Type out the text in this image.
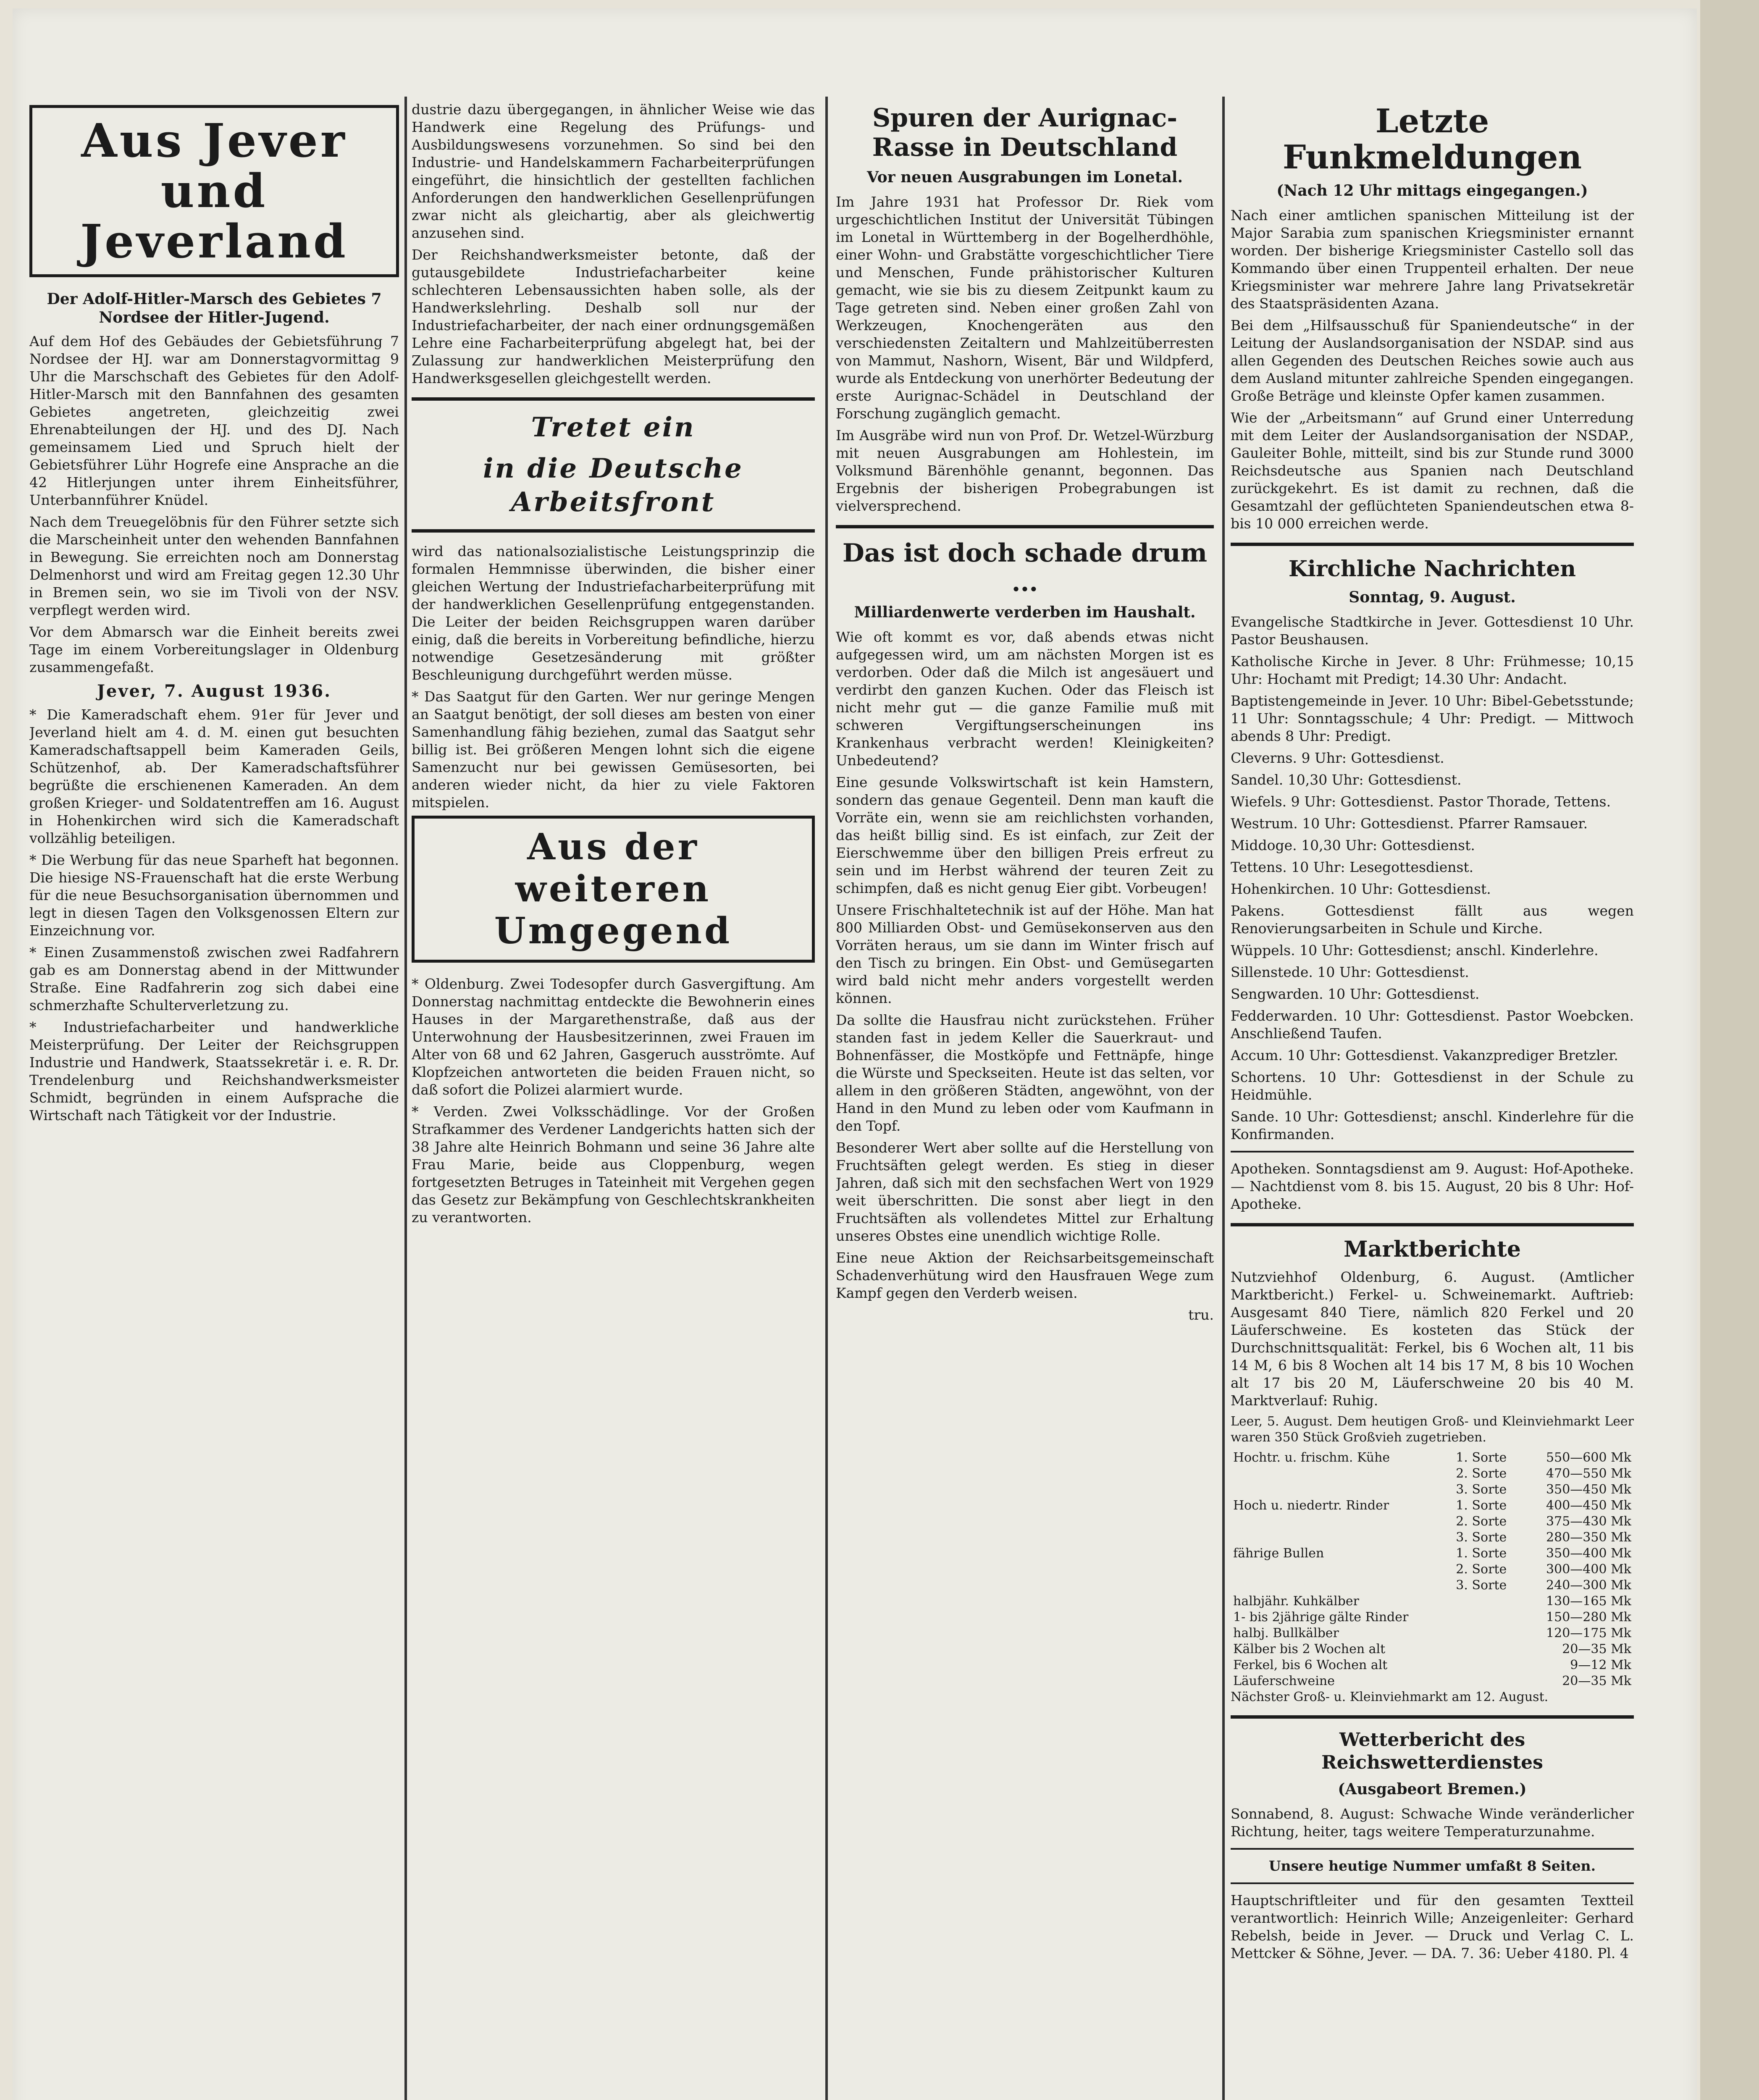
Aus Jever und Jeverland
Der Adolf-Hitler-Marsch des Gebietes 7 Nordsee der Hitler-Jugend.

Auf dem Hof des Gebäudes der Gebietsführung 7 Nordsee der HJ. war am Donnerstagvormittag 9 Uhr die Marschschaft des Gebietes für den Adolf-Hitler-Marsch mit den Bannfahnen des gesamten Gebietes angetreten, gleichzeitig zwei Ehrenabteilungen der HJ. und des DJ. Nach gemeinsamem Lied und Spruch hielt der Gebietsführer Lühr Hogrefe eine Ansprache an die 42 Hitlerjungen unter ihrem Einheitsführer, Unterbannführer Knüdel.

Nach dem Treuegelöbnis für den Führer setzte sich die Marscheinheit unter den wehenden Bannfahnen in Bewegung. Sie erreichten noch am Donnerstag Delmenhorst und wird am Freitag gegen 12.30 Uhr in Bremen sein, wo sie im Tivoli von der NSV. verpflegt werden wird.

Vor dem Abmarsch war die Einheit bereits zwei Tage im einem Vorbereitungslager in Oldenburg zusammengefaßt.

Jever, 7. August 1936.

* Die Kameradschaft ehem. 91er für Jever und Jeverland hielt am 4. d. M. einen gut besuchten Kameradschaftsappell beim Kameraden Geils, Schützenhof, ab. Der Kameradschaftsführer begrüßte die erschienenen Kameraden. An dem großen Krieger- und Soldatentreffen am 16. August in Hohenkirchen wird sich die Kameradschaft vollzählig beteiligen.

* Die Werbung für das neue Sparheft hat begonnen. Die hiesige NS-Frauenschaft hat die erste Werbung für die neue Besuchsorganisation übernommen und legt in diesen Tagen den Volksgenossen Eltern zur Einzeichnung vor.

* Einen Zusammenstoß zwischen zwei Radfahrern gab es am Donnerstag abend in der Mittwunder Straße. Eine Radfahrerin zog sich dabei eine schmerzhafte Schulterverletzung zu.

* Industriefacharbeiter und handwerkliche Meisterprüfung. Der Leiter der Reichsgruppen Industrie und Handwerk, Staatssekretär i. e. R. Dr. Trendelenburg und Reichshandwerksmeister Schmidt, begründen in einem Aufsprache die Wirtschaft nach Tätigkeit vor der Industrie.

dustrie dazu übergegangen, in ähnlicher Weise wie das Handwerk eine Regelung des Prüfungs- und Ausbildungswesens vorzunehmen. So sind bei den Industrie- und Handelskammern Facharbeiterprüfungen eingeführt, die hinsichtlich der gestellten fachlichen Anforderungen den handwerklichen Gesellenprüfungen zwar nicht als gleichartig, aber als gleichwertig anzusehen sind.

Der Reichshandwerksmeister betonte, daß der gutausgebildete Industriefacharbeiter keine schlechteren Lebensaussichten haben solle, als der Handwerkslehrling. Deshalb soll nur der Industriefacharbeiter, der nach einer ordnungsgemäßen Lehre eine Facharbeiterprüfung abgelegt hat, bei der Zulassung zur handwerklichen Meisterprüfung den Handwerksgesellen gleichgestellt werden.

Tretet ein
in die Deutsche Arbeitsfront

wird das nationalsozialistische Leistungsprinzip die formalen Hemmnisse überwinden, die bisher einer gleichen Wertung der Industriefacharbeiterprüfung mit der handwerklichen Gesellenprüfung entgegenstanden. Die Leiter der beiden Reichsgruppen waren darüber einig, daß die bereits in Vorbereitung befindliche, hierzu notwendige Gesetzesänderung mit größter Beschleunigung durchgeführt werden müsse.

* Das Saatgut für den Garten. Wer nur geringe Mengen an Saatgut benötigt, der soll dieses am besten von einer Samenhandlung fähig beziehen, zumal das Saatgut sehr billig ist. Bei größeren Mengen lohnt sich die eigene Samenzucht nur bei gewissen Gemüsesorten, bei anderen wieder nicht, da hier zu viele Faktoren mitspielen.

Aus der weiteren Umgegend

* Oldenburg. Zwei Todesopfer durch Gasvergiftung. Am Donnerstag nachmittag entdeckte die Bewohnerin eines Hauses in der Margarethenstraße, daß aus der Unterwohnung der Hausbesitzerinnen, zwei Frauen im Alter von 68 und 62 Jahren, Gasgeruch ausströmte. Auf Klopfzeichen antworteten die beiden Frauen nicht, so daß sofort die Polizei alarmiert wurde.

* Verden. Zwei Volksschädlinge. Vor der Großen Strafkammer des Verdener Landgerichts hatten sich der 38 Jahre alte Heinrich Bohmann und seine 36 Jahre alte Frau Marie, beide aus Cloppenburg, wegen fortgesetzten Betruges in Tateinheit mit Vergehen gegen das Gesetz zur Bekämpfung von Geschlechtskrankheiten zu verantworten.

Spuren der Aurignac-Rasse in Deutschland
Vor neuen Ausgrabungen im Lonetal.

Im Jahre 1931 hat Professor Dr. Riek vom urgeschichtlichen Institut der Universität Tübingen im Lonetal in Württemberg in der Bogelherdhöhle, einer Wohn- und Grabstätte vorgeschichtlicher Tiere und Menschen, Funde prähistorischer Kulturen gemacht, wie sie bis zu diesem Zeitpunkt kaum zu Tage getreten sind. Neben einer großen Zahl von Werkzeugen, Knochengeräten aus den verschiedensten Zeitaltern und Mahlzeitüberresten von Mammut, Nashorn, Wisent, Bär und Wildpferd, wurde als Entdeckung von unerhörter Bedeutung der erste Aurignac-Schädel in Deutschland der Forschung zugänglich gemacht.

Im Ausgräbe wird nun von Prof. Dr. Wetzel-Würzburg mit neuen Ausgrabungen am Hohlestein, im Volksmund Bärenhöhle genannt, begonnen. Das Ergebnis der bisherigen Probegrabungen ist vielversprechend.

Das ist doch schade drum ...
Milliardenwerte verderben im Haushalt.

Wie oft kommt es vor, daß abends etwas nicht aufgegessen wird, um am nächsten Morgen ist es verdorben. Oder daß die Milch ist angesäuert und verdirbt den ganzen Kuchen. Oder das Fleisch ist nicht mehr gut — die ganze Familie muß mit schweren Vergiftungserscheinungen ins Krankenhaus verbracht werden! Kleinigkeiten? Unbedeutend?

Eine gesunde Volkswirtschaft ist kein Hamstern, sondern das genaue Gegenteil. Denn man kauft die Vorräte ein, wenn sie am reichlichsten vorhanden, das heißt billig sind. Es ist einfach, zur Zeit der Eierschwemme über den billigen Preis erfreut zu sein und im Herbst während der teuren Zeit zu schimpfen, daß es nicht genug Eier gibt. Vorbeugen!

Unsere Frischhaltetechnik ist auf der Höhe. Man hat 800 Milliarden Obst- und Gemüsekonserven aus den Vorräten heraus, um sie dann im Winter frisch auf den Tisch zu bringen. Ein Obst- und Gemüsegarten wird bald nicht mehr anders vorgestellt werden können.

Da sollte die Hausfrau nicht zurückstehen. Früher standen fast in jedem Keller die Sauerkraut- und Bohnenfässer, die Mostköpfe und Fettnäpfe, hinge die Würste und Speckseiten. Heute ist das selten, vor allem in den größeren Städten, angewöhnt, von der Hand in den Mund zu leben oder vom Kaufmann in den Topf.

Besonderer Wert aber sollte auf die Herstellung von Fruchtsäften gelegt werden. Es stieg in dieser Jahren, daß sich mit den sechsfachen Wert von 1929 weit überschritten. Die sonst aber liegt in den Fruchtsäften als vollendetes Mittel zur Erhaltung unseres Obstes eine unendlich wichtige Rolle.

Eine neue Aktion der Reichsarbeitsgemeinschaft Schadenverhütung wird den Hausfrauen Wege zum Kampf gegen den Verderb weisen.

tru.

Letzte Funkmeldungen
(Nach 12 Uhr mittags eingegangen.)

Nach einer amtlichen spanischen Mitteilung ist der Major Sarabia zum spanischen Kriegsminister ernannt worden. Der bisherige Kriegsminister Castello soll das Kommando über einen Truppenteil erhalten. Der neue Kriegsminister war mehrere Jahre lang Privatsekretär des Staatspräsidenten Azana.

Bei dem „Hilfsausschuß für Spaniendeutsche“ in der Leitung der Auslandsorganisation der NSDAP. sind aus allen Gegenden des Deutschen Reiches sowie auch aus dem Ausland mitunter zahlreiche Spenden eingegangen. Große Beträge und kleinste Opfer kamen zusammen.

Wie der „Arbeitsmann“ auf Grund einer Unterredung mit dem Leiter der Auslandsorganisation der NSDAP., Gauleiter Bohle, mitteilt, sind bis zur Stunde rund 3000 Reichsdeutsche aus Spanien nach Deutschland zurückgekehrt. Es ist damit zu rechnen, daß die Gesamtzahl der geflüchteten Spaniendeutschen etwa 8- bis 10 000 erreichen werde.

Kirchliche Nachrichten
Sonntag, 9. August.

Evangelische Stadtkirche in Jever. Gottesdienst 10 Uhr. Pastor Beushausen.

Katholische Kirche in Jever. 8 Uhr: Frühmesse; 10,15 Uhr: Hochamt mit Predigt; 14.30 Uhr: Andacht.

Baptistengemeinde in Jever. 10 Uhr: Bibel-Gebetsstunde; 11 Uhr: Sonntagsschule; 4 Uhr: Predigt. — Mittwoch abends 8 Uhr: Predigt.

Cleverns. 9 Uhr: Gottesdienst.

Sandel. 10,30 Uhr: Gottesdienst.

Wiefels. 9 Uhr: Gottesdienst. Pastor Thorade, Tettens.

Westrum. 10 Uhr: Gottesdienst. Pfarrer Ramsauer.

Middoge. 10,30 Uhr: Gottesdienst.

Tettens. 10 Uhr: Lesegottesdienst.

Hohenkirchen. 10 Uhr: Gottesdienst.

Pakens. Gottesdienst fällt aus wegen Renovierungsarbeiten in Schule und Kirche.

Wüppels. 10 Uhr: Gottesdienst; anschl. Kinderlehre.

Sillenstede. 10 Uhr: Gottesdienst.

Sengwarden. 10 Uhr: Gottesdienst.

Fedderwarden. 10 Uhr: Gottesdienst. Pastor Woebcken. Anschließend Taufen.

Accum. 10 Uhr: Gottesdienst. Vakanzprediger Bretzler.

Schortens. 10 Uhr: Gottesdienst in der Schule zu Heidmühle.

Sande. 10 Uhr: Gottesdienst; anschl. Kinderlehre für die Konfirmanden.

Apotheken. Sonntagsdienst am 9. August: Hof-Apotheke. — Nachtdienst vom 8. bis 15. August, 20 bis 8 Uhr: Hof-Apotheke.

Marktberichte

Nutzviehhof Oldenburg, 6. August. (Amtlicher Marktbericht.) Ferkel- u. Schweinemarkt. Auftrieb: Ausgesamt 840 Tiere, nämlich 820 Ferkel und 20 Läuferschweine. Es kosteten das Stück der Durchschnittsqualität: Ferkel, bis 6 Wochen alt, 11 bis 14 M, 6 bis 8 Wochen alt 14 bis 17 M, 8 bis 10 Wochen alt 17 bis 20 M, Läuferschweine 20 bis 40 M. Marktverlauf: Ruhig.

Leer, 5. August. Dem heutigen Groß- und Kleinviehmarkt Leer waren 350 Stück Großvieh zugetrieben.

Hochtr. u. frischm. Kühe	1. Sorte	550—600 Mk
	2. Sorte	470—550 Mk
	3. Sorte	350—450 Mk
Hoch u. niedertr. Rinder	1. Sorte	400—450 Mk
	2. Sorte	375—430 Mk
	3. Sorte	280—350 Mk
fährige Bullen	1. Sorte	350—400 Mk
	2. Sorte	300—400 Mk
	3. Sorte	240—300 Mk
halbjähr. Kuhkälber		130—165 Mk
1- bis 2jährige gälte Rinder		150—280 Mk
halbj. Bullkälber		120—175 Mk
Kälber bis 2 Wochen alt		20—35 Mk
Ferkel, bis 6 Wochen alt		9—12 Mk
Läuferschweine		20—35 Mk

Nächster Groß- u. Kleinviehmarkt am 12. August.

Wetterbericht des Reichswetterdienstes
(Ausgabeort Bremen.)

Sonnabend, 8. August: Schwache Winde veränderlicher Richtung, heiter, tags weitere Temperaturzunahme.

Unsere heutige Nummer umfaßt 8 Seiten.

Hauptschriftleiter und für den gesamten Textteil verantwortlich: Heinrich Wille; Anzeigenleiter: Gerhard Rebelsh, beide in Jever. — Druck und Verlag C. L. Mettcker & Söhne, Jever. — DA. 7. 36: Ueber 4180. Pl. 4
